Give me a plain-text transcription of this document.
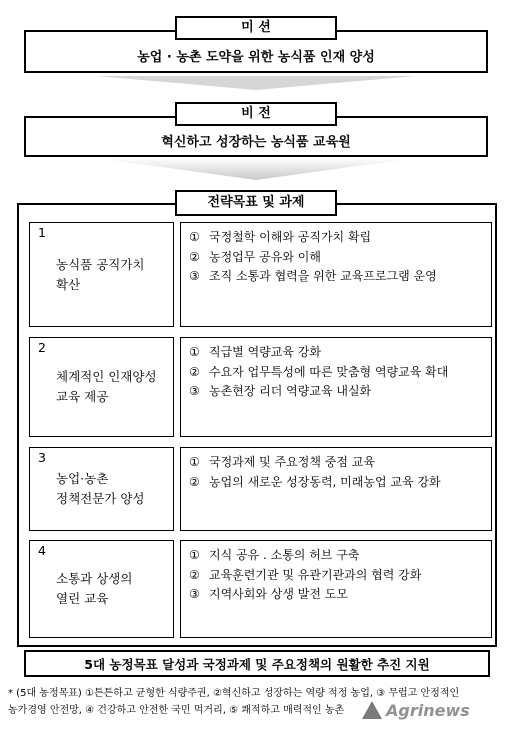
미 션
농업 · 농촌 도약을 위한 농식품 인재 양성
비 전
혁신하고 성장하는 농식품 교육원
전략목표 및 과제
1
농식품 공직가치
확산
① 국정철학 이해와 공직가치 확립
② 농정업무 공유와 이해
③ 조직 소통과 협력을 위한 교육프로그램 운영
2
체계적인 인재양성
교육 제공
① 직급별 역량교육 강화
② 수요자 업무특성에 따른 맞춤형 역량교육 확대
③ 농촌현장 리더 역량교육 내실화
3
농업·농촌
정책전문가 양성
① 국정과제 및 주요정책 중점 교육
② 농업의 새로운 성장동력, 미래농업 교육 강화
4
소통과 상생의
열린 교육
① 지식 공유 . 소통의 허브 구축
② 교육훈련기관 및 유관기관과의 협력 강화
③ 지역사회와 상생 발전 도모
5대 농정목표 달성과 국정과제 및 주요정책의 원활한 추진 지원
* (5대 농정목표) ①튼튼하고 균형한 식량주권, ②혁신하고 성장하는 역량 적정 농업, ③ 무럽고 안정적인
농가경영 안전망, ④ 건강하고 안전한 국민 먹거리, ⑤ 쾌적하고 매력적인 농촌	Agrinews
